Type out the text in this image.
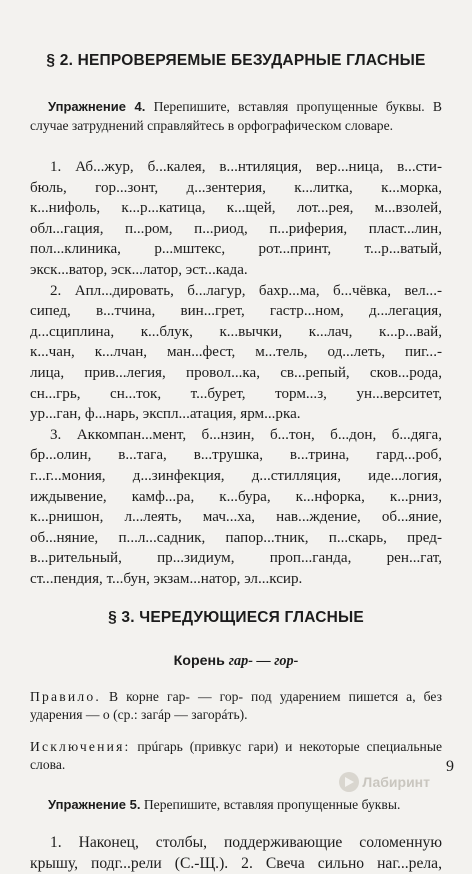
§ 2. НЕПРОВЕРЯЕМЫЕ БЕЗУДАРНЫЕ ГЛАСНЫЕ

Упражнение 4. Перепишите, вставляя пропущенные буквы. В случае затруднений справляйтесь в орфографическом словаре.

1. Аб...жур, б...калея, в...нтиляция, вер...ница, в...сти-
бюль, гор...зонт, д...зентерия, к...литка, к...морка,
к...нифоль, к...р...катица, к...щей, лот...рея, м...взолей,
обл...гация, п...ром, п...риод, п...риферия, пласт...лин,
пол...клиника, р...мштекс, рот...принт, т...р...ватый,
экск...ватор, эск...латор, эст...када.
2. Апл...дировать, б...лагур, бахр...ма, б...чёвка, вел...-
сипед, в...тчина, вин...грет, гастр...ном, д...легация,
д...сциплина, к...блук, к...вычки, к...лач, к...р...вай,
к...чан, к...лчан, ман...фест, м...тель, од...леть, пиг...-
лица, прив...легия, провол...ка, св...репый, сков...рода,
сн...грь, сн...ток, т...бурет, торм...з, ун...верситет,
ур...ган, ф...нарь, экспл...атация, ярм...рка.
3. Аккомпан...мент, б...нзин, б...тон, б...дон, б...дяга,
бр...олин, в...тага, в...трушка, в...трина, гард...роб,
г...г...мония, д...зинфекция, д...стилляция, иде...логия,
иждывение, камф...ра, к...бура, к...нфорка, к...рниз,
к...рнишон, л...леять, мач...ха, нав...ждение, об...яние,
об...няние, п...л...садник, папор...тник, п...скарь, пред-
в...рительный, пр...зидиум, проп...ганда, рен...гат,
ст...пендия, т...бун, экзам...натор, эл...ксир.
§ 3. ЧЕРЕДУЮЩИЕСЯ ГЛАСНЫЕ
Корень гар- — гор-

Правило. В корне гар- — гор- под ударением пишется а, без ударения — о (ср.: загáр — загорáть).

Исключения: прúгарь (привкус гари) и некоторые специальные слова.

Упражнение 5. Перепишите, вставляя пропущенные буквы.

1. Наконец, столбы, поддерживающие соломенную
крышу, подг...рели (С.-Щ.). 2. Свеча сильно наг...рела,
Лабиринт
9
